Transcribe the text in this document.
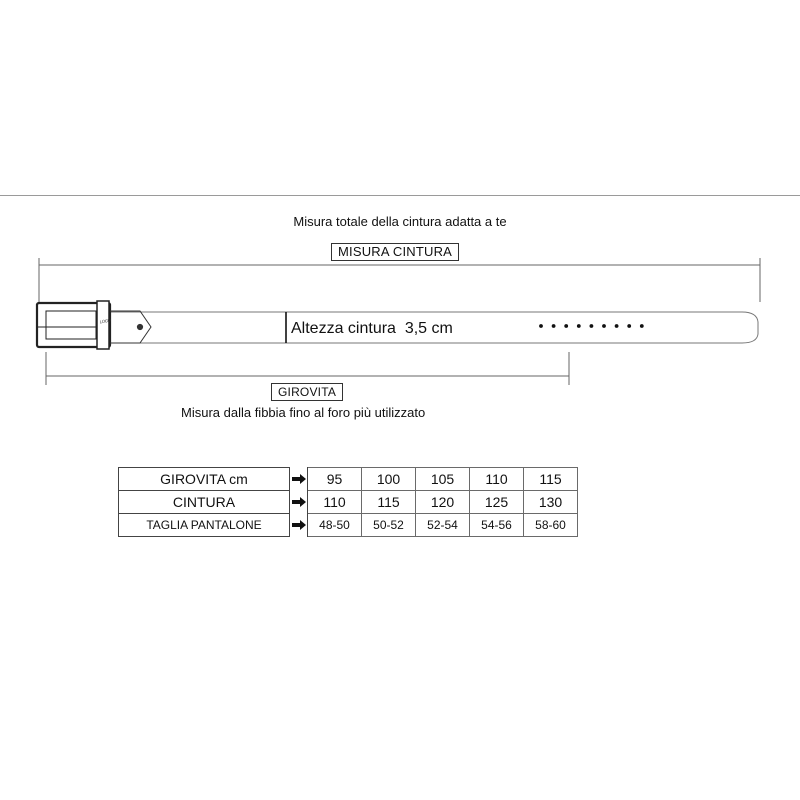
Misura totale della cintura adatta a te
MISURA CINTURA
ᴸᴼᴳᴼ	Altezza cintura  3,5 cm
GIROVITA
Misura dalla fibbia fino al foro più utilizzato
GIROVITA cm		95	100	105	110	115
CINTURA		110	115	120	125	130
TAGLIA PANTALONE		48-50	50-52	52-54	54-56	58-60
